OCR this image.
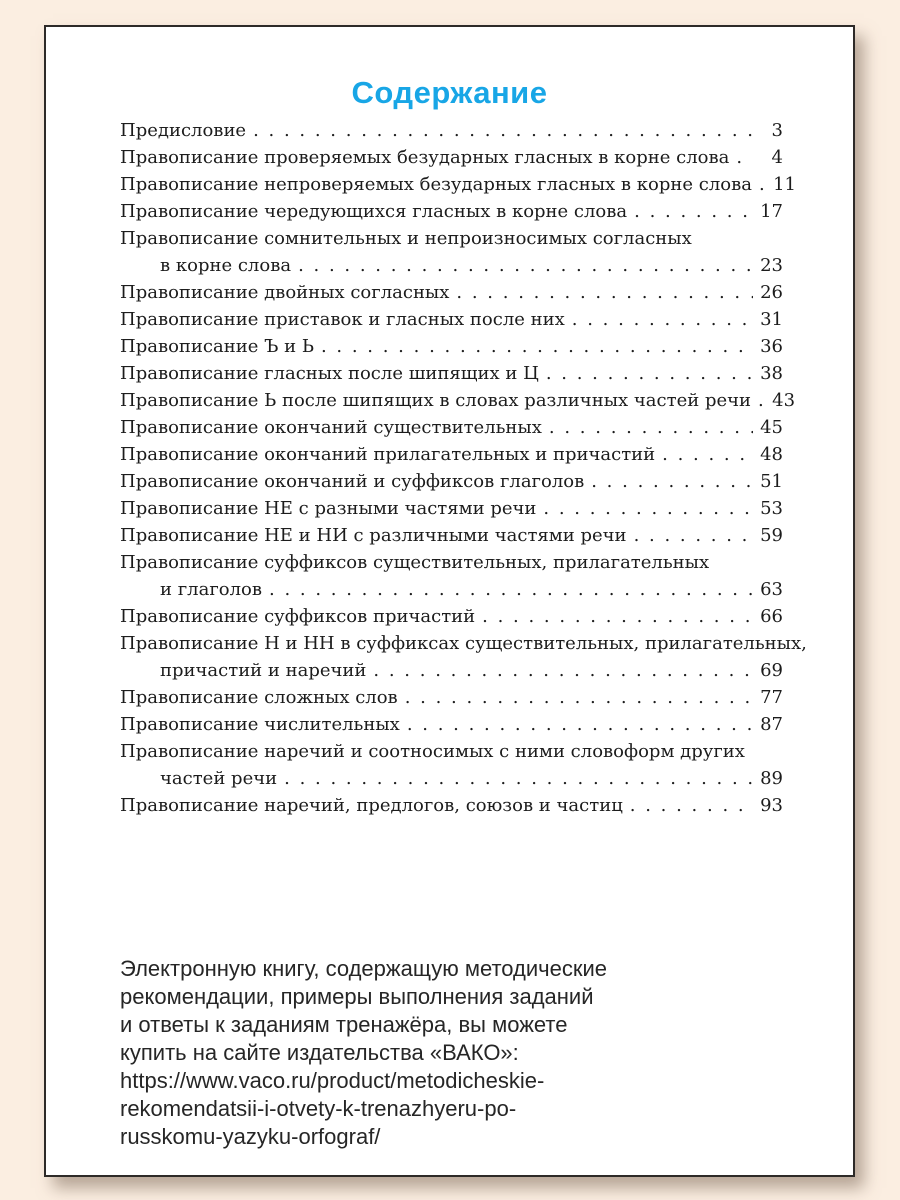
Содержание
Предисловие . . .	3
Правописание проверяемых безударных гласных в корне слова . . .	4
Правописание непроверяемых безударных гласных в корне слова . . .	11
Правописание чередующихся гласных в корне слова . . .	17
Правописание сомнительных и непроизносимых согласных
в корне слова . . .	23
Правописание двойных согласных . . .	26
Правописание приставок и гласных после них . . .	31
Правописание Ъ и Ь . . .	36
Правописание гласных после шипящих и Ц . . .	38
Правописание Ь после шипящих в словах различных частей речи . . .	43
Правописание окончаний существительных . . .	45
Правописание окончаний прилагательных и причастий . . .	48
Правописание окончаний и суффиксов глаголов . . .	51
Правописание НЕ с разными частями речи . . .	53
Правописание НЕ и НИ с различными частями речи . . .	59
Правописание суффиксов существительных, прилагательных
и глаголов . . .	63
Правописание суффиксов причастий . . .	66
Правописание Н и НН в суффиксах существительных, прилагательных,
причастий и наречий . . .	69
Правописание сложных слов . . .	77
Правописание числительных . . .	87
Правописание наречий и соотносимых с ними словоформ других
частей речи . . .	89
Правописание наречий, предлогов, союзов и частиц . . .	93
Электронную книгу, содержащую методические
рекомендации, примеры выполнения заданий
и ответы к заданиям тренажёра, вы можете
купить на сайте издательства «ВАКО»:
https://www.vaco.ru/product/metodicheskie-
rekomendatsii-i-otvety-k-trenazhyeru-po-
russkomu-yazyku-orfograf/
